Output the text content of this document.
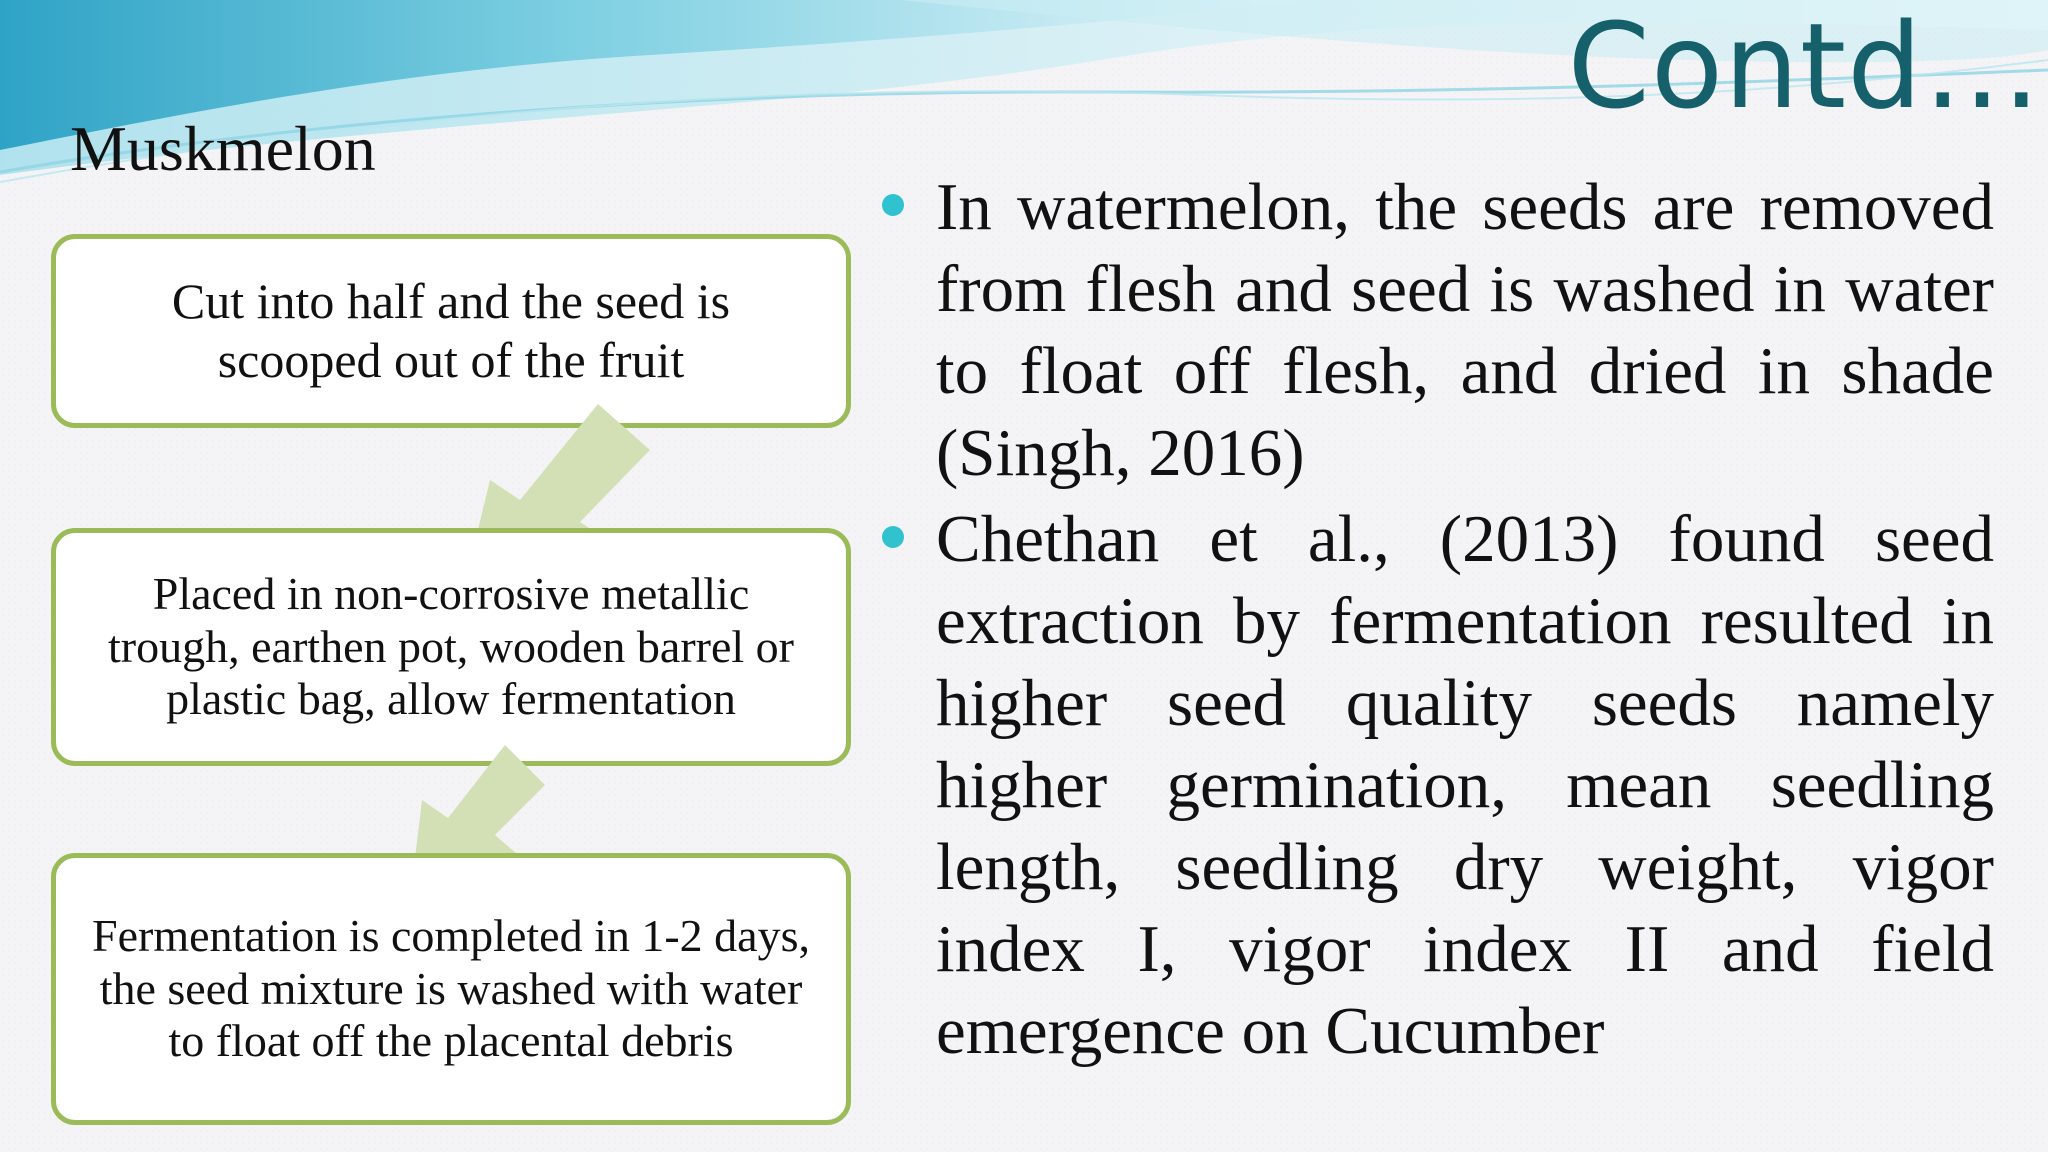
Contd…
Muskmelon
Cut into half and the seed is scooped out of the fruit
Placed in non-corrosive metallic trough, earthen pot, wooden barrel or plastic bag, allow fermentation
Fermentation is completed in 1-2 days, the seed mixture is washed with water to float off the placental debris
In watermelon, the seeds are removed from flesh and seed is washed in water to float off flesh, and dried in shade (Singh, 2016)
Chethan et al., (2013) found seed extraction by fermentation resulted in higher seed quality seeds namely higher germination, mean seedling length, seedling dry weight, vigor index I, vigor index II and field emergence on Cucumber
